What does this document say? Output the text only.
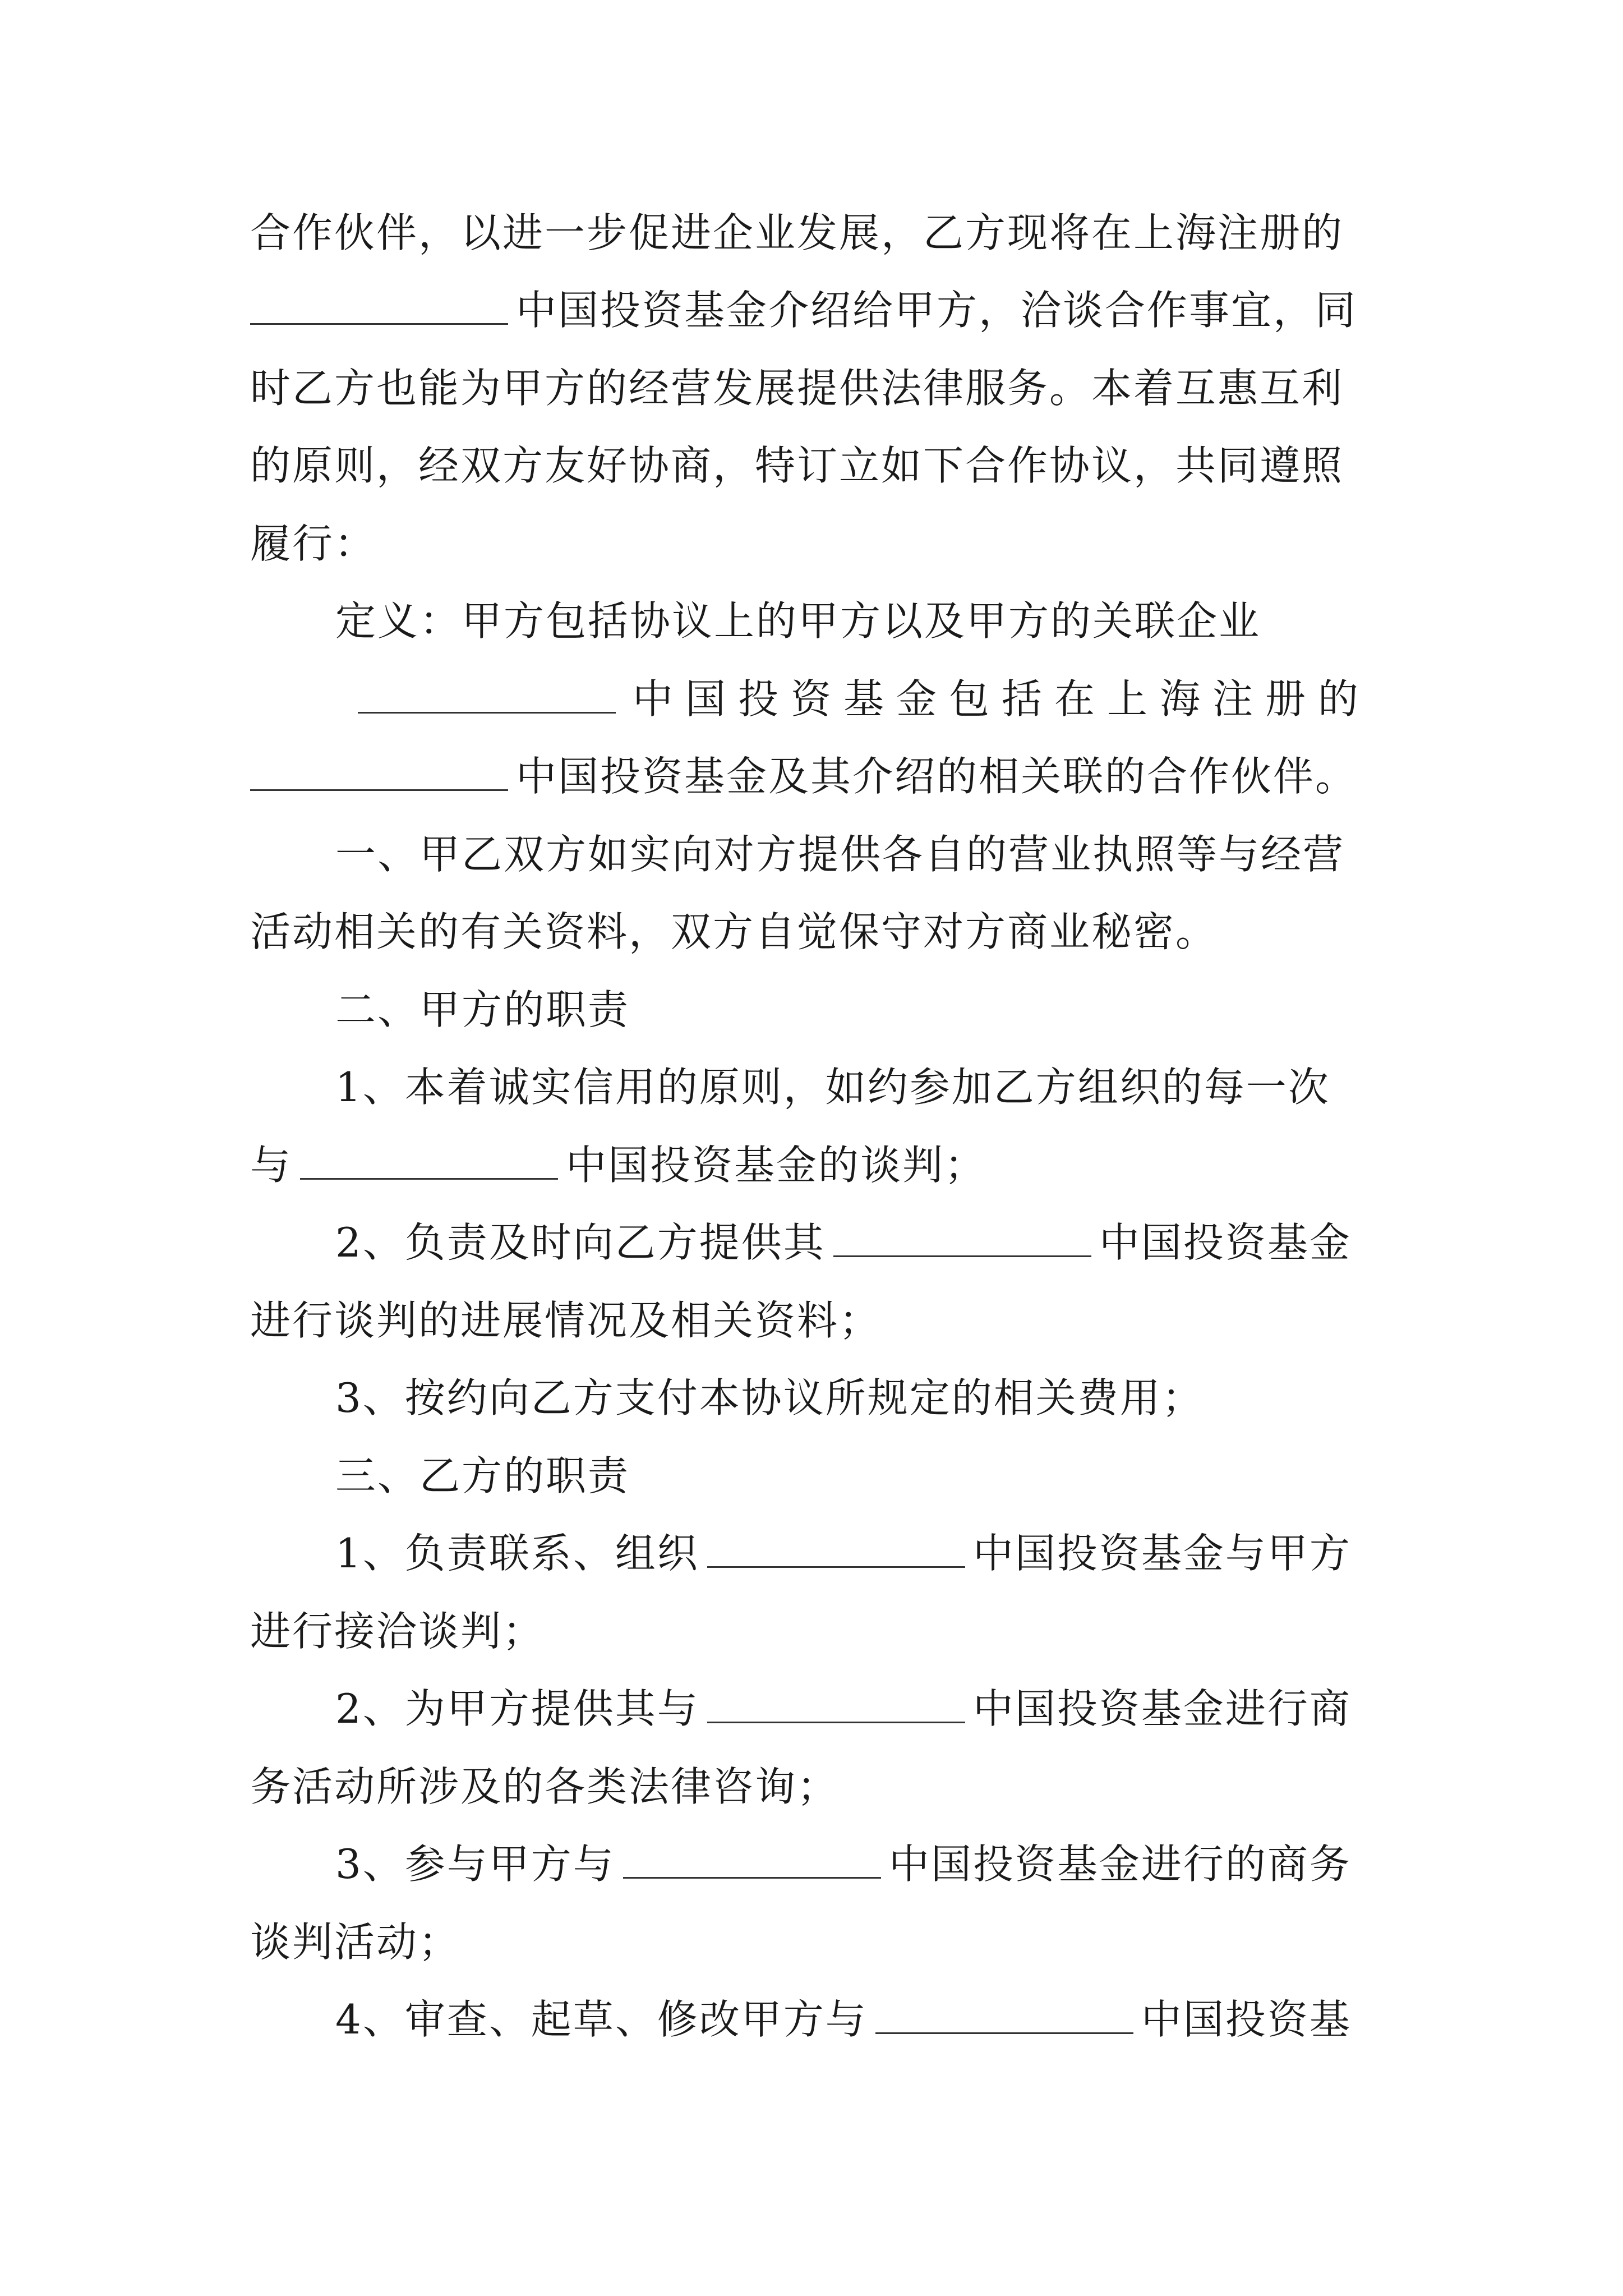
合作伙伴，以进一步促进企业发展，乙方现将在上海注册的
中国投资基金介绍给甲方，洽谈合作事宜，同
时乙方也能为甲方的经营发展提供法律服务。本着互惠互利
的原则，经双方友好协商，特订立如下合作协议，共同遵照
履行：
定义：甲方包括协议上的甲方以及甲方的关联企业
中国投资基金包括在上海注册的
中国投资基金及其介绍的相关联的合作伙伴。
一、甲乙双方如实向对方提供各自的营业执照等与经营
活动相关的有关资料，双方自觉保守对方商业秘密。
二、甲方的职责
1、本着诚实信用的原则，如约参加乙方组织的每一次
与	中国投资基金的谈判；
2、负责及时向乙方提供其	中国投资基金
进行谈判的进展情况及相关资料；
3、按约向乙方支付本协议所规定的相关费用；
三、乙方的职责
1、负责联系、组织	中国投资基金与甲方
进行接洽谈判；
2、为甲方提供其与	中国投资基金进行商
务活动所涉及的各类法律咨询；
3、参与甲方与	中国投资基金进行的商务
谈判活动；
4、审查、起草、修改甲方与	中国投资基
